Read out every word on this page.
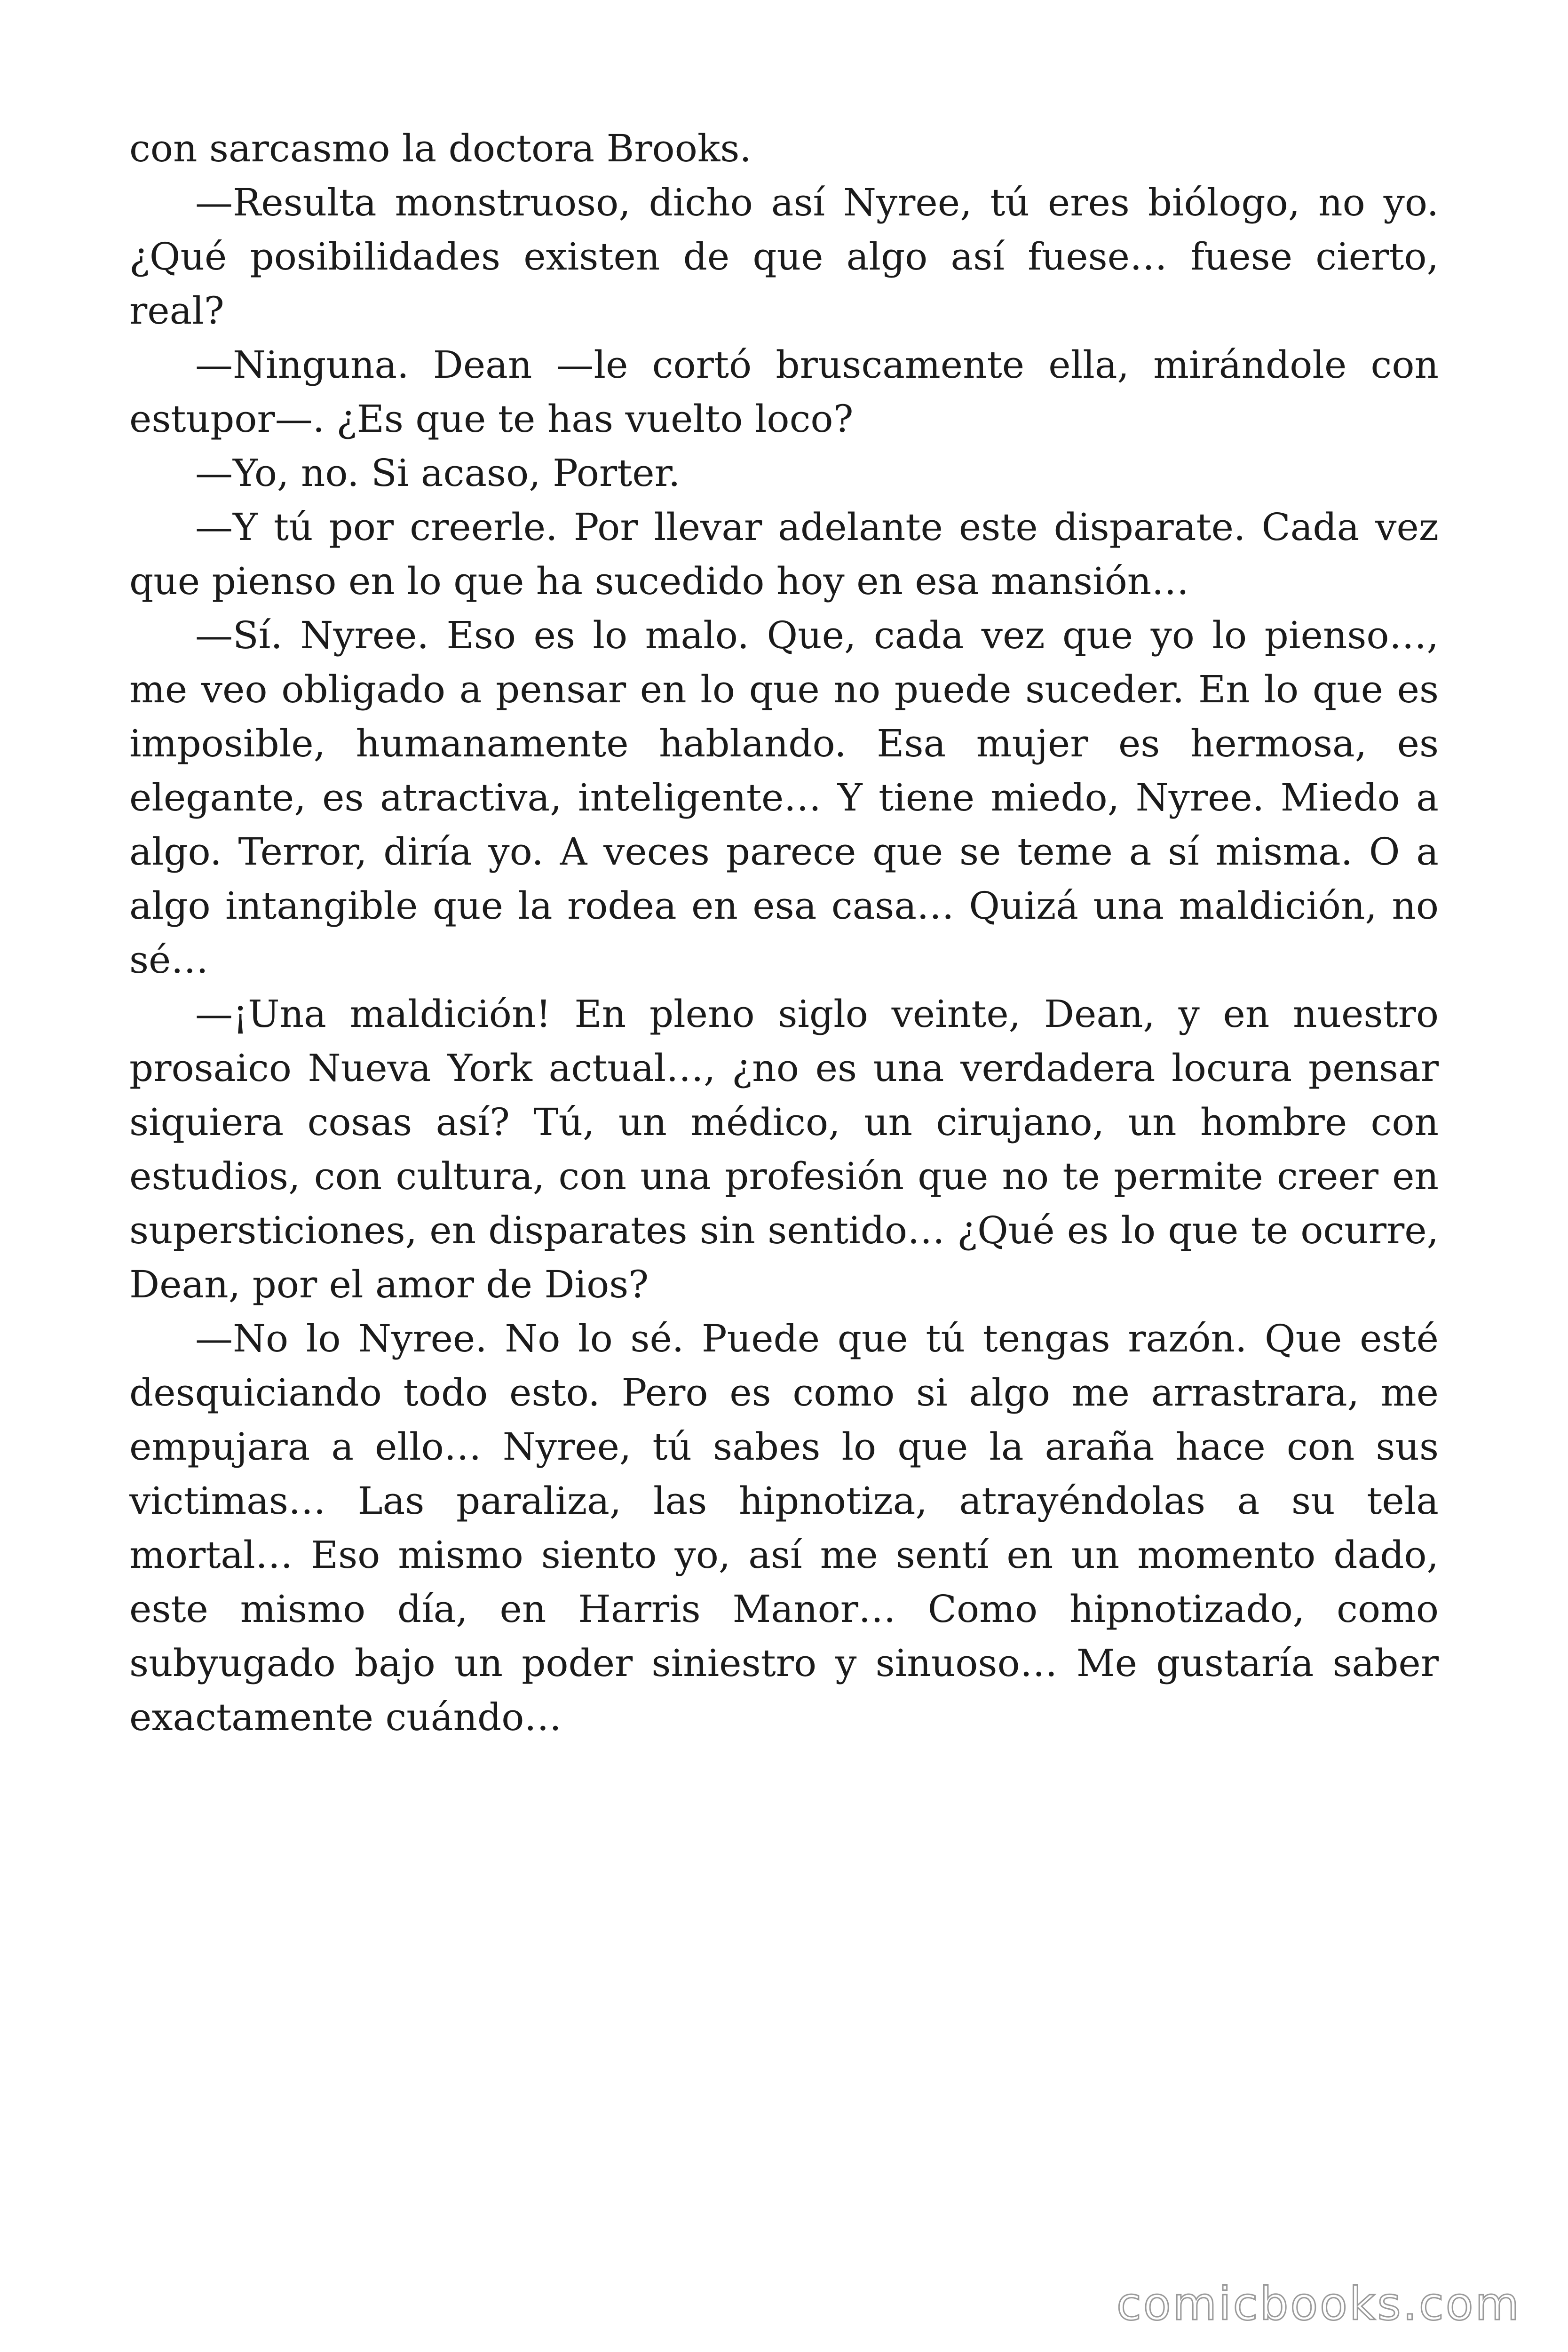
con sarcasmo la doctora Brooks.

—Resulta monstruoso, dicho así Nyree, tú eres biólogo, no yo. ¿Qué posibilidades existen de que algo así fuese… fuese cierto, real?

—Ninguna. Dean —le cortó bruscamente ella, mirándole con estupor—. ¿Es que te has vuelto loco?

—Yo, no. Si acaso, Porter.

—Y tú por creerle. Por llevar adelante este disparate. Cada vez que pienso en lo que ha sucedido hoy en esa mansión…

—Sí. Nyree. Eso es lo malo. Que, cada vez que yo lo pienso…, me veo obligado a pensar en lo que no puede suceder. En lo que es imposible, humanamente hablando. Esa mujer es hermosa, es elegante, es atractiva, inteligente… Y tiene miedo, Nyree. Miedo a algo. Terror, diría yo. A veces parece que se teme a sí misma. O a algo intangible que la rodea en esa casa… Quizá una maldición, no sé…

—¡Una maldición! En pleno siglo veinte, Dean, y en nuestro prosaico Nueva York actual…, ¿no es una verdadera locura pensar siquiera cosas así? Tú, un médico, un cirujano, un hombre con estudios, con cultura, con una profesión que no te permite creer en supersticiones, en disparates sin sentido… ¿Qué es lo que te ocurre, Dean, por el amor de Dios?

—No lo Nyree. No lo sé. Puede que tú tengas razón. Que esté desquiciando todo esto. Pero es como si algo me arrastrara, me empujara a ello… Nyree, tú sabes lo que la araña hace con sus victimas… Las paraliza, las hipnotiza, atrayéndolas a su tela mortal… Eso mismo siento yo, así me sentí en un momento dado, este mismo día, en Harris Manor… Como hipnotizado, como subyugado bajo un poder siniestro y sinuoso… Me gustaría saber exactamente cuándo…

comicbooks.com
